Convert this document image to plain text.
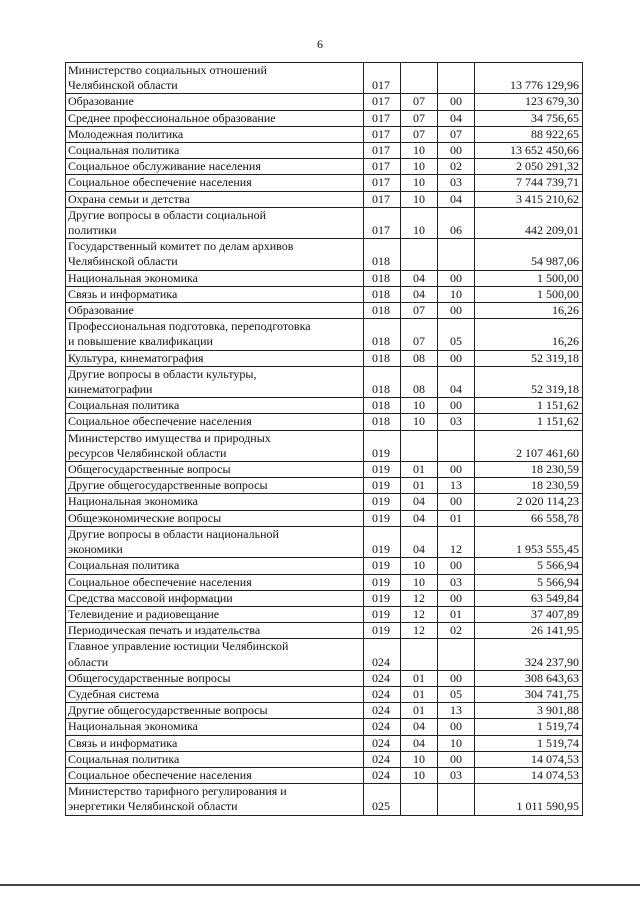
6
Министерство социальных отношений
Челябинской области	017			13 776 129,96

Образование	017	07	00	123 679,30

Среднее профессиональное образование	017	07	04	34 756,65

Молодежная политика	017	07	07	88 922,65

Социальная политика	017	10	00	13 652 450,66

Социальное обслуживание населения	017	10	02	2 050 291,32

Социальное обеспечение населения	017	10	03	7 744 739,71

Охрана семьи и детства	017	10	04	3 415 210,62

Другие вопросы в области социальной
политики	017	10	06	442 209,01

Государственный комитет по делам архивов
Челябинской области	018			54 987,06

Национальная экономика	018	04	00	1 500,00

Связь и информатика	018	04	10	1 500,00

Образование	018	07	00	16,26

Профессиональная подготовка, переподготовка
и повышение квалификации	018	07	05	16,26

Культура, кинематография	018	08	00	52 319,18

Другие вопросы в области культуры,
кинематографии	018	08	04	52 319,18

Социальная политика	018	10	00	1 151,62

Социальное обеспечение населения	018	10	03	1 151,62

Министерство имущества и природных
ресурсов Челябинской области	019			2 107 461,60

Общегосударственные вопросы	019	01	00	18 230,59

Другие общегосударственные вопросы	019	01	13	18 230,59

Национальная экономика	019	04	00	2 020 114,23

Общеэкономические вопросы	019	04	01	66 558,78

Другие вопросы в области национальной
экономики	019	04	12	1 953 555,45

Социальная политика	019	10	00	5 566,94

Социальное обеспечение населения	019	10	03	5 566,94

Средства массовой информации	019	12	00	63 549,84

Телевидение и радиовещание	019	12	01	37 407,89

Периодическая печать и издательства	019	12	02	26 141,95

Главное управление юстиции Челябинской
области	024			324 237,90

Общегосударственные вопросы	024	01	00	308 643,63

Судебная система	024	01	05	304 741,75

Другие общегосударственные вопросы	024	01	13	3 901,88

Национальная экономика	024	04	00	1 519,74

Связь и информатика	024	04	10	1 519,74

Социальная политика	024	10	00	14 074,53

Социальное обеспечение населения	024	10	03	14 074,53

Министерство тарифного регулирования и
энергетики Челябинской области	025			1 011 590,95
